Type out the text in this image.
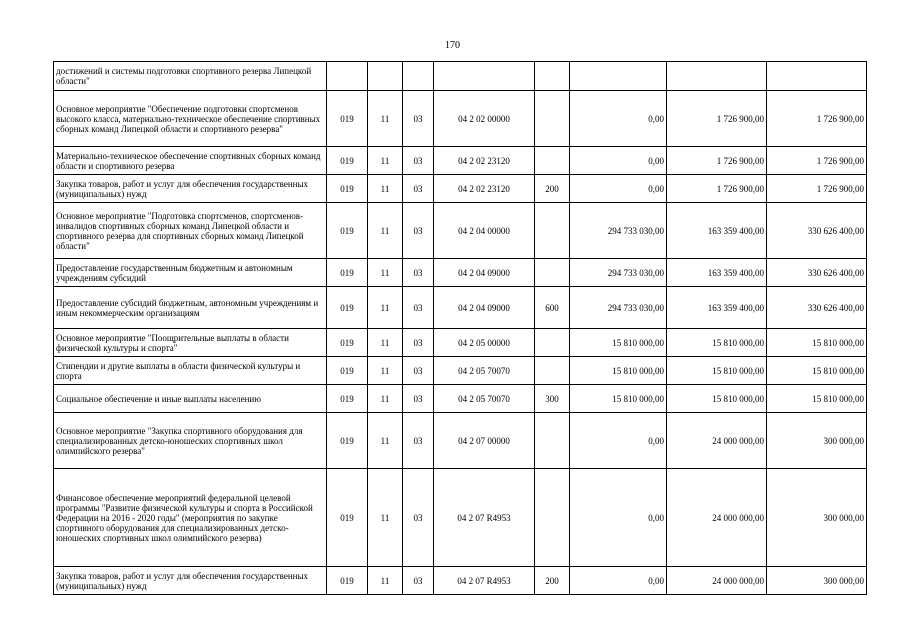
170
достижений и системы подготовки спортивного резерва Липецкой области"								
Основное мероприятие "Обеспечение подготовки спортсменов высокого класса, материально-техническое обеспечение спортивных сборных команд Липецкой области и спортивного резерва"	019	11	03	04 2 02 00000		0,00	1 726 900,00	1 726 900,00
Материально-техническое обеспечение спортивных сборных команд области и спортивного резерва	019	11	03	04 2 02 23120		0,00	1 726 900,00	1 726 900,00
Закупка товаров, работ и услуг для обеспечения государственных (муниципальных) нужд	019	11	03	04 2 02 23120	200	0,00	1 726 900,00	1 726 900,00
Основное мероприятие "Подготовка спортсменов, спортсменов-инвалидов спортивных сборных команд Липецкой области и спортивного резерва для спортивных сборных команд Липецкой области"	019	11	03	04 2 04 00000		294 733 030,00	163 359 400,00	330 626 400,00
Предоставление государственным бюджетным и автономным учреждениям субсидий	019	11	03	04 2 04 09000		294 733 030,00	163 359 400,00	330 626 400,00
Предоставление субсидий бюджетным, автономным учреждениям и иным некоммерческим организациям	019	11	03	04 2 04 09000	600	294 733 030,00	163 359 400,00	330 626 400,00
Основное мероприятие "Поощрительные выплаты в области физической культуры и спорта"	019	11	03	04 2 05 00000		15 810 000,00	15 810 000,00	15 810 000,00
Стипендии и другие выплаты в области физической культуры и спорта	019	11	03	04 2 05 70070		15 810 000,00	15 810 000,00	15 810 000,00
Социальное обеспечение и иные выплаты населению	019	11	03	04 2 05 70070	300	15 810 000,00	15 810 000,00	15 810 000,00
Основное мероприятие "Закупка спортивного оборудования для специализированных детско-юношеских спортивных школ олимпийского резерва"	019	11	03	04 2 07 00000		0,00	24 000 000,00	300 000,00
Финансовое обеспечение мероприятий федеральной целевой программы "Развитие физической культуры и спорта в Российской Федерации на 2016 - 2020 годы" (мероприятия по закупке спортивного оборудования для специализированных детско-юношеских спортивных школ олимпийского резерва)	019	11	03	04 2 07 R4953		0,00	24 000 000,00	300 000,00
Закупка товаров, работ и услуг для обеспечения государственных (муниципальных) нужд	019	11	03	04 2 07 R4953	200	0,00	24 000 000,00	300 000,00
